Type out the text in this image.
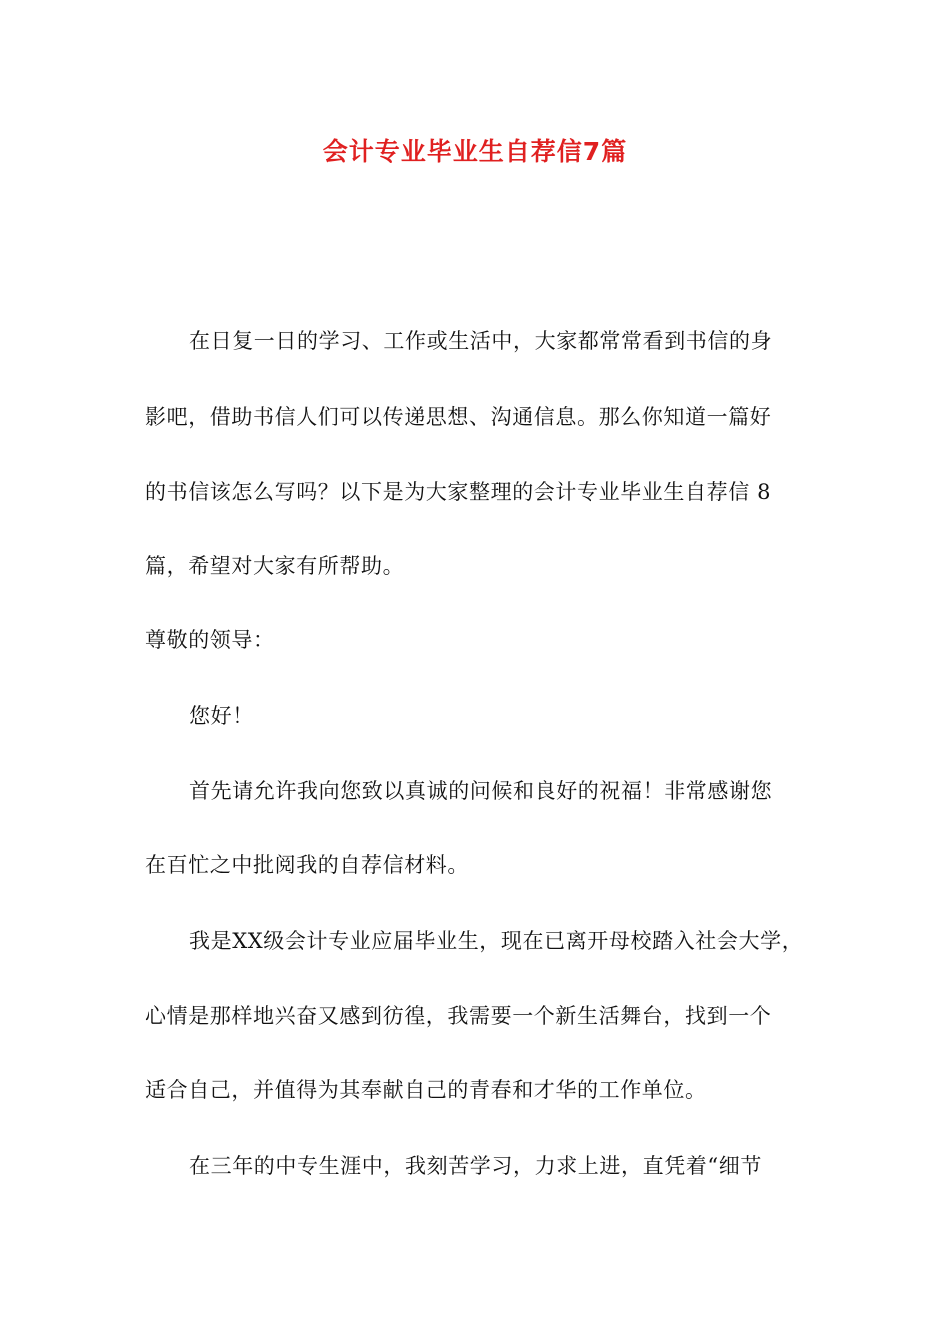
会计专业毕业生自荐信7篇
在日复一日的学习、工作或生活中，大家都常常看到书信的身
影吧，借助书信人们可以传递思想、沟通信息。那么你知道一篇好
的书信该怎么写吗？以下是为大家整理的会计专业毕业生自荐信 8
篇，希望对大家有所帮助。
尊敬的领导：
您好！
首先请允许我向您致以真诚的问候和良好的祝福！非常感谢您
在百忙之中批阅我的自荐信材料。
我是XX级会计专业应届毕业生，现在已离开母校踏入社会大学，
心情是那样地兴奋又感到彷徨，我需要一个新生活舞台，找到一个
适合自己，并值得为其奉献自己的青春和才华的工作单位。
在三年的中专生涯中，我刻苦学习，力求上进，直凭着“细节
